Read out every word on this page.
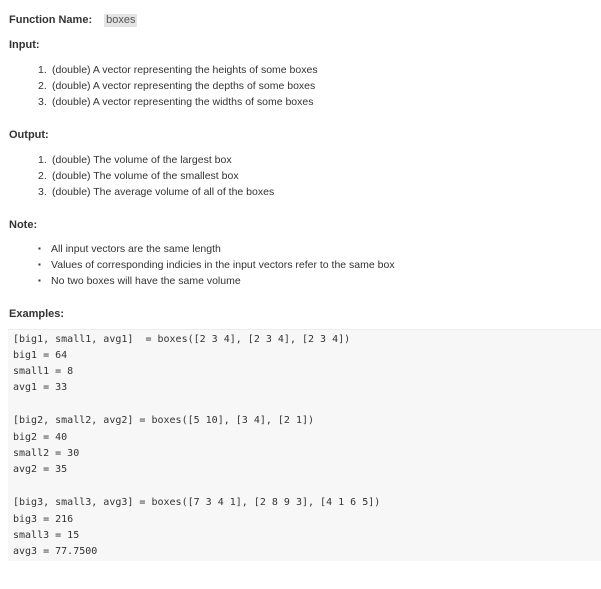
Function Name: boxes
Input:
1. (double) A vector representing the heights of some boxes
2. (double) A vector representing the depths of some boxes
3. (double) A vector representing the widths of some boxes
Output:
1. (double) The volume of the largest box
2. (double) The volume of the smallest box
3. (double) The average volume of all of the boxes
Note:
▪ All input vectors are the same length
▪ Values of corresponding indicies in the input vectors refer to the same box
▪ No two boxes will have the same volume
Examples:
[big1, small1, avg1]  = boxes([2 3 4], [2 3 4], [2 3 4])
big1 = 64
small1 = 8
avg1 = 33
[big2, small2, avg2] = boxes([5 10], [3 4], [2 1])
big2 = 40
small2 = 30
avg2 = 35
[big3, small3, avg3] = boxes([7 3 4 1], [2 8 9 3], [4 1 6 5])
big3 = 216
small3 = 15
avg3 = 77.7500
